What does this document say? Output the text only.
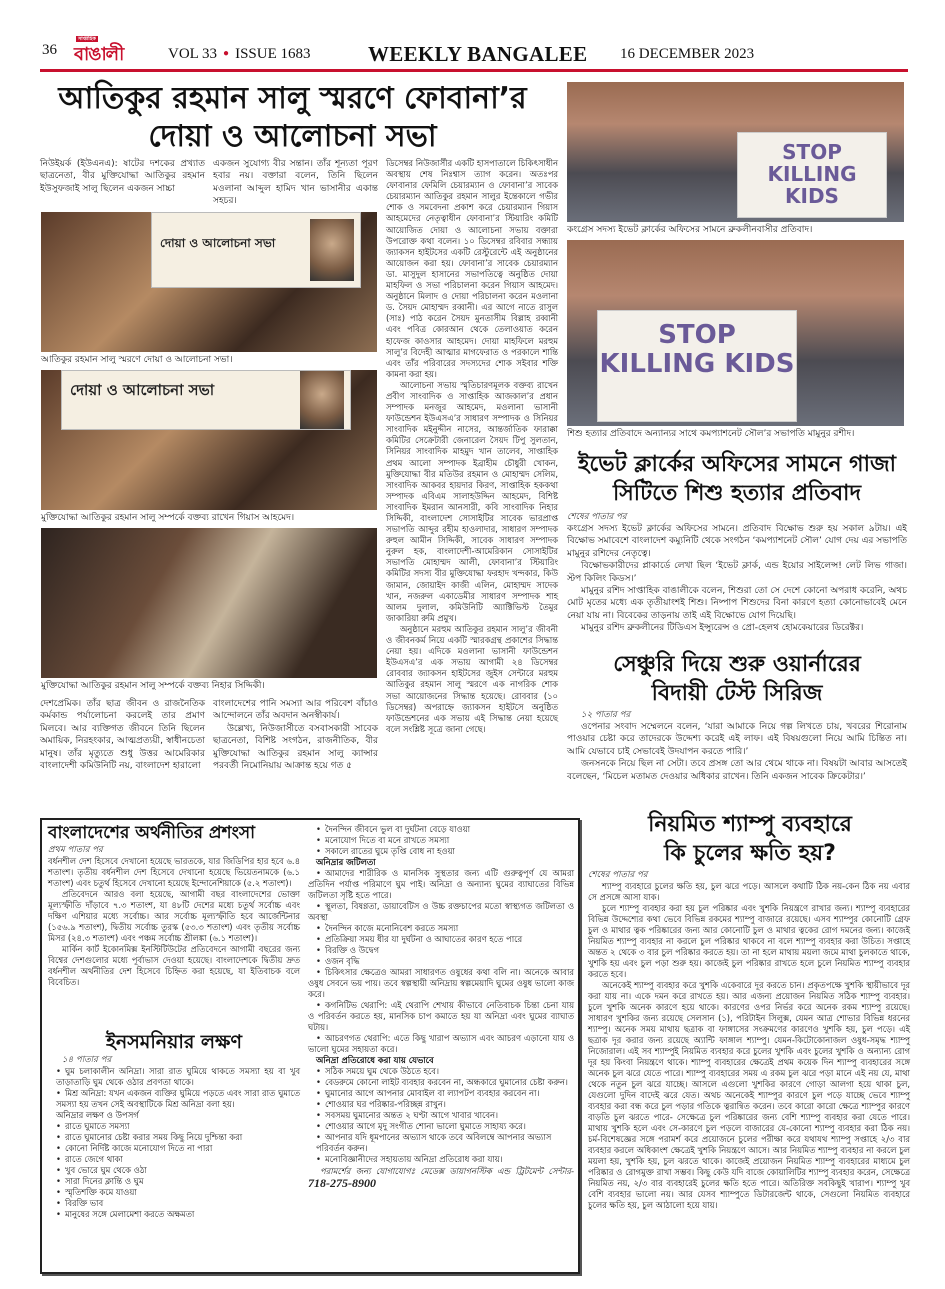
36
সাপ্তাহিক
বাঙালী	VOL 33 ● ISSUE 1683	WEEKLY BANGALEE 16 DECEMBER 2023
আতিকুর রহমান সালু স্মরণে ফোবানা’র
দোয়া ও আলোচনা সভা
নিউইয়র্ক (ইউএনএ): ষাটের দশকের প্রখ্যাত ছাত্রনেতা, বীর মুক্তিযোদ্ধা আতিকুর রহমান ইউসুফজাই সালু ছিলেন একজন সাচ্চা
একজন সুযোগ্য বীর সন্তান। তাঁর শূন্যতা পূরণ হবার নয়। বক্তারা বলেন, তিনি ছিলেন মওলানা আব্দুল হামিদ খান ভাসানীর একান্ত সহচর।
দোয়া ও আলোচনা সভা
আতিকুর রহমান সালু স্মরণে দোয়া ও আলোচনা সভা।
দোয়া ও আলোচনা সভা
মুক্তিযোদ্ধা আতিকুর রহমান সালু সম্পর্কে বক্তব্য রাখেন গিয়াস আহমেদ।
মুক্তিযোদ্ধা আতিকুর রহমান সালু সম্পর্কে বক্তব্য নিহার সিদ্দিকী।

ডিসেম্বর নিউজার্সীর একটি হাসপাতালে চিকিৎসাধীন অবস্থায় শেষ নিঃশ্বাস ত্যাগ করেন। অতঃপর ফোবানার ফেমিলি চেয়ারম্যান ও ফোবানা’র সাবেক চেয়ারম্যান আতিকুর রহমান সালুর ইন্তেকালে গভীর শোক ও সমবেদনা প্রকাশ করে চেয়ারম্যান গিয়াস আহমেদের নেতৃত্বাধীন ফোবানা’র স্টিয়ারিং কমিটি আয়োজিত দোয়া ও আলোচনা সভায় বক্তারা উপরোক্ত কথা বলেন। ১০ ডিসেম্বর রবিবার সন্ধ্যায় জ্যাকসন হাইটসের একটি রেস্টুরেন্টে এই অনুষ্ঠানের আয়োজন করা হয়। ফোবানা’র সাবেক চেয়ারম্যান ডা. মাসুদুল হাসানের সভাপতিত্বে অনুষ্ঠিত দোয়া মাহফিল ও সভা পরিচালনা করেন গিয়াস আহমেদ। অনুষ্ঠানে মিলাদ ও দোয়া পরিচালনা করেন মওলানা ড. সৈয়দ মোহাম্মদ রব্বানী। এর আগে নাতে রাসুল (সাঃ) পাঠ করেন সৈয়দ মুনতাসীম বিল্লাহ রব্বানী এবং পবিত্র কোরআন থেকে তেলাওয়াত করেন হাফেজ কাওসার আহমেদ। দোয়া মাহফিলে মরহুম সালু’র বিদেহী আত্মার মাগফেরাত ও পরকালে শান্তি এবং তাঁর পরিবারের সদস্যদের শোক সইবার শক্তি কামনা করা হয়।

আলোচনা সভায় স্মৃতিচারণমূলক বক্তব্য রাখেন প্রবীণ সাংবাদিক ও সাপ্তাহিক আজকাল’র প্রধান সম্পাদক মনজুর আহমেদ, মওলানা ভাসানী ফাউন্ডেশন ইউএসএ’র সাধারণ সম্পাদক ও সিনিয়র সাংবাদিক মইনুদ্দীন নাসের, আন্তর্জাতিক ফারাক্কা কমিটির সেক্রেটারী জেনারেল সৈয়দ টিপু সুলতান, সিনিয়র সাংবাদিক মাহমুদ খান তালেব, সাপ্তাহিক প্রথম আলো সম্পাদক ইব্রাহীম চৌধুরী খোকন, মুক্তিযোদ্ধা বীর মতিউর রহমান ও মোহাম্মদ সেলিম, সাংবাদিক আকবর হায়দার কিরণ, সাপ্তাহিক হককথা সম্পাদক এবিএম সালাহউদ্দিন আহমেদ, বিশিষ্ট সাংবাদিক ইমরান আনসারী, কবি সাংবাদিক নিহার সিদ্দিকী, বাংলাদেশ সোসাইটির সাবেক ভারপ্রাপ্ত সভাপতি আব্দুর রহীম হাওলাদার, সাধারণ সম্পাদক রুহুল আমীন সিদ্দিকী, সাবেক সাধারণ সম্পাদক নুরুল হক, বাংলাদেশী-আমেরিকান সোসাইটির সভাপতি মোহাম্মদ আলী, ফোবানা’র স্টিয়ারিং কমিটির সদস্য বীর মুক্তিযোদ্ধা ফরহাদ খন্দকার, কিউ জামান, জোয়াইদ কাজী এলিন, মোহাম্মদ সাদেক খান, নজরুল একাডেমীর সাধারণ সম্পাদক শাহ আলম দুলাল, কমিউনিটি অ্যাক্টিভিস্ট তৈমুর জাকারিয়া রুমি প্রমুখ।

অনুষ্ঠানে মরহুম আতিকুর রহমান সালু’র জীবনী ও জীবনকর্ম নিয়ে একটি স্মারকগ্রন্থ প্রকাশের সিদ্ধান্ত নেয়া হয়। এদিকে মওলানা ভাসানী ফাউন্ডেশন ইউএসএ’র এক সভায় আগামী ২৪ ডিসেম্বর রোববার জ্যাকসন হাইটসের জুইস সেন্টারে মরহুম আতিকুর রহমান সালু স্মরণে এক নাগরিক শোক সভা আয়োজনের সিদ্ধান্ত হয়েছে। রোববার (১০ ডিসেম্বর) অপরাহ্নে জ্যাকসন হাইটসে অনুষ্ঠিত ফাউন্ডেশনের এক সভায় এই সিদ্ধান্ত নেয়া হয়েছে বলে সংশ্লিষ্ট সূত্রে জানা গেছে।

দেশপ্রেমিক। তাঁর ছাত্র জীবন ও রাজনৈতিক কর্মকান্ড পর্যালোচনা করলেই তার প্রমাণ মিলবে। আর ব্যক্তিগত জীবনে তিনি ছিলেন অমায়িক, নিরহংকার, আত্মপ্রত্যয়ী, স্বাধীনচেতা মানুষ। তাঁর মৃত্যুতে শুধু উত্তর আমেরিকার বাংলাদেশী কমিউনিটি নয়, বাংলাদেশ হারালো

বাংলাদেশের পানি সমস্যা আর পরিবেশ বাঁচাও আন্দোলনে তাঁর অবদান অনস্বীকার্য।

উল্লেখ্য, নিউজার্সীতে বসবাসকারী সাবেক ছাত্রনেতা, বিশিষ্ট সংগঠন, রাজনীতিক, বীর মুক্তিযোদ্ধা আতিকুর রহমান সালু ক্যান্সার পরবর্তী নিমোনিয়ায় আক্রান্ত হয়ে গত ৫

STOP KILLING KIDS
কংগ্রেস সদস্য ইভেট ক্লার্কের অফিসের সামনে ব্রুকলীনবাসীর প্রতিবাদ।
STOP KILLING KIDS
শিশু হত্যার প্রতিবাদে অন্যান্যর সাথে কমপ্যাশনেট সৌল’র সভাপতি মামুনুর রশীদ।
ইভেট ক্লার্কের অফিসের সামনে গাজা
সিটিতে শিশু হত্যার প্রতিবাদ
শেষের পাতার পর

কংগ্রেস সদস্য ইভেট ক্লার্কের অফিসের সামনে। প্রতিবাদ বিক্ষোভ শুরু হয় সকাল ৯টায়। এই বিক্ষোভ সমাবেশে বাংলাদেশ কম্যুনিটি থেকে সংগঠন ‘কমপ্যাশনেট সৌল’ যোগ দেয় এর সভাপতি মামুনুর রশিদের নেতৃত্বে।

বিক্ষোভকারীদের প্লাকার্ডে লেখা ছিল ‘ইভেট ক্লার্ক, এন্ড ইয়োর সাইলেন্স! লেট লিভ গাজা। স্টপ কিলিং কিডস।’

মামুনুর রশিদ সাপ্তাহিক বাঙালীকে বলেন, শিশুরা তো সে দেশে কোনো অপরাধ করেনি, অথচ মোট মৃতের মধ্যে এক তৃতীয়াংশই শিশু। নিষ্পাপ শিশুদের বিনা কারণে হত্যা কোনোভাবেই মেনে নেয়া যায় না। বিবেকের তাড়নায় তাই এই বিক্ষোভে যোগ দিয়েছি।

মামুনুর রশিদ ব্রুকলীনের টিডিএস ইন্স্যুরেন্স ও প্রো-হেলথ হোমকেয়ারের ডিরেক্টর।

সেঞ্চুরি দিয়ে শুরু ওয়ার্নারের
বিদায়ী টেস্ট সিরিজ
১২ পাতার পর

ওপেনার সংবাদ সম্মেলনে বলেন, ‘যারা আমাকে নিয়ে গল্প লিখতে চায়, খবরের শিরোনাম পাওয়ার চেষ্টা করে তাদেরকে উদ্দেশ্য করেই এই লাফ। এই বিষয়গুলো নিয়ে আমি চিন্তিত না। আমি যেভাবে চাই সেভাবেই উদযাপন করতে পারি।’

জনসনকে নিয়ে ছিল না সেটা। তবে প্রসঙ্গ তো আর থেমে থাকে না। বিষয়টা আবার আসতেই বলেছেন, ‘মিচেল মতামত দেওয়ার অধিকার রাখেন। তিনি একজন সাবেক ক্রিকেটার।’

বাংলাদেশের অর্থনীতির প্রশংসা
প্রথম পাতার পর

বর্ধনশীল দেশ হিসেবে দেখানো হয়েছে ভারতকে, যার জিডিপির হার হবে ৬.৪ শতাংশ। তৃতীয় বর্ধনশীল দেশ হিসেবে দেখানো হয়েছে ভিয়েতনামকে (৬.১ শতাংশ) এবং চতুর্থ হিসেবে দেখানো হয়েছে ইন্দোনেশিয়াকে (৫.২ শতাংশ)।

প্রতিবেদনে আরও বলা হয়েছে, আগামী বছর বাংলাদেশের ভোক্তা মূল্যস্ফীতি দাঁড়াবে ৭.৩ শতাংশ, যা ৪৮টি দেশের মধ্যে চতুর্থ সর্বোচ্চ এবং দক্ষিণ এশিয়ার মধ্যে সর্বোচ্চ। আর সর্বোচ্চ মূল্যস্ফীতি হবে আর্জেন্টিনার (১৫৬.৯ শতাংশ), দ্বিতীয় সর্বোচ্চ তুরস্ক (৫৩.৩ শতাংশ) এবং তৃতীয় সর্বোচ্চ মিসর (২৪.৩ শতাংশ) এবং পঞ্চম সর্বোচ্চ শ্রীলঙ্কা (৬.১ শতাংশ)।

মার্কিন কার্ট ইকোনমিক্স ইনস্টিটিউটের প্রতিবেদনে আগামী বছরের জন্য বিশ্বের দেশগুলোর মধ্যে পূর্বাভাস দেওয়া হয়েছে। বাংলাদেশকে দ্বিতীয় দ্রুত বর্ধনশীল অর্থনীতির দেশ হিসেবে চিহ্নিত করা হয়েছে, যা ইতিবাচক বলে বিবেচিত।

ইনসমনিয়ার লক্ষণ
১৪ পাতার পর

• ঘুম চলাকালীন অনিদ্রা। সারা রাত ঘুমিয়ে থাকতে সমস্যা হয় বা খুব তাড়াতাড়ি ঘুম থেকে ওঠার প্রবণতা থাকে।

• মিশ্র অনিদ্রা: যখন একজন ব্যক্তির ঘুমিয়ে পড়তে এবং সারা রাত ঘুমাতে সমস্যা হয় তখন সেই অবস্থাটিকে মিশ্র অনিদ্রা বলা হয়।

অনিদ্রার লক্ষণ ও উপসর্গ
• রাতে ঘুমাতে সমস্যা
• রাতে ঘুমানোর চেষ্টা করার সময় কিছু নিয়ে দুশ্চিন্তা করা
• কোনো নির্দিষ্ট কাজে মনোযোগ দিতে না পারা
• রাতে জেগে থাকা
• খুব ভোরে ঘুম থেকে ওঠা
• সারা দিনের ক্লান্তি ও ঘুম
• স্মৃতিশক্তি কমে যাওয়া
• বিরক্তি ভাব
• মানুষের সঙ্গে মেলামেশা করতে অক্ষমতা
• দৈনন্দিন জীবনে ভুল বা দুর্ঘটনা বেড়ে যাওয়া
• মনোযোগ দিতে বা মনে রাখতে সমস্যা
• সকালে রাতের ঘুমে তৃপ্তি বোধ না হওয়া
অনিদ্রার জটিলতা

• আমাদের শারীরিক ও মানসিক সুস্থতার জন্য এটি গুরুত্বপূর্ণ যে আমরা প্রতিদিন পর্যাপ্ত পরিমাণে ঘুম পাই। অনিদ্রা ও অন্যান্য ঘুমের ব্যাঘাতের বিভিন্ন জটিলতা সৃষ্টি হতে পারে।

• স্থূলতা, বিষণ্ণতা, ডায়াবেটিস ও উচ্চ রক্তচাপের মতো স্বাস্থ্যগত জটিলতা ও অবস্থা

• দৈনন্দিন কাজে মনোনিবেশ করতে সমস্যা
• প্রতিক্রিয়া সময় ধীর যা দুর্ঘটনা ও আঘাতের কারণ হতে পারে
• বিরক্তি ও উদ্বেগ
• ওজন বৃদ্ধি

• চিকিৎসার ক্ষেত্রেও আমরা সাধারণত ওষুধের কথা বলি না। অনেকে আবার ওষুধ সেবনে ভয় পায়। তবে স্বল্পস্থায়ী অনিদ্রায় স্বল্পমেয়াদি ঘুমের ওষুধ ভালো কাজ করে।

• কগনিটিভ থেরাপি: এই থেরাপি শেখায় কীভাবে নেতিবাচক চিন্তা চেনা যায় ও পরিবর্তন করতে হয়, মানসিক চাপ কমাতে হয় যা অনিদ্রা এবং ঘুমের ব্যাঘাত ঘটায়।

• আচরণগত থেরাপি: এতে কিছু খারাপ অভ্যাস এবং আচরণ এড়ানো যায় ও ভালো ঘুমের সহায়তা করে।

অনিদ্রা প্রতিরোধে করা যায় যেভাবে
• সঠিক সময়ে ঘুম থেকে উঠতে হবে।
• বেডরুমে কোনো লাইট ব্যবহার করবেন না, অন্ধকারে ঘুমানোর চেষ্টা করুন।
• ঘুমানোর আগে আপনার মোবাইল বা ল্যাপটপ ব্যবহার করবেন না।
• শোওয়ার ঘর পরিষ্কার-পরিচ্ছন্ন রাখুন।
• সবসময় ঘুমানোর অন্তত ২ ঘণ্টা আগে খাবার খাবেন।
• শোওয়ার আগে মৃদু সংগীত শোনা ভালো ঘুমাতে সাহায্য করে।
• আপনার যদি ধূমপানের অভ্যাস থাকে তবে অবিলম্বে আপনার অভ্যাস পরিবর্তন করুন।
• মনোবিজ্ঞানীদের সহায়তায় অনিদ্রা প্রতিরোধ করা যায়।
পরামর্শের জন্য যোগাযোগঃ মেডেক্স ডায়াগনস্টিক এন্ড ট্রিটমেন্ট সেন্টার- 718-275-8900
নিয়মিত শ্যাম্পু ব্যবহারে
কি চুলের ক্ষতি হয়?
শেষের পাতার পর

শ্যাম্পু ব্যবহারে চুলের ক্ষতি হয়, চুল ঝরে পড়ে। আসলে কথাটি ঠিক নয়-কেন ঠিক নয় এবার সে প্রসঙ্গে আসা যাক।

চুলে শ্যাম্পু ব্যবহার করা হয় চুল পরিষ্কার এবং খুশকি নিয়ন্ত্রণে রাখার জন্য। শ্যাম্পু ব্যবহারের বিভিন্ন উদ্দেশ্যের কথা ভেবে বিভিন্ন রকমের শ্যাম্পু বাজারে রয়েছে। এসব শ্যাম্পুর কোনোটি গ্রেফ চুল ও মাথার ত্বক পরিষ্কারের জন্য আর কোনোটি চুল ও মাথার ত্বকের রোগ দমনের জন্য। কাজেই নিয়মিত শ্যাম্পু ব্যবহার না করলে চুল পরিষ্কার থাকবে না বলে শ্যাম্পু ব্যবহার করা উচিত। সপ্তাহে অন্তত ২ থেকে ৩ বার চুল পরিষ্কার করতে হয়। তা না হলে মাথায় ময়লা জমে মাথা চুলকাতে থাকে, খুশকি হয় এবং চুল পড়া শুরু হয়। কাজেই চুল পরিষ্কার রাখতে হলে চুলে নিয়মিত শ্যাম্পু ব্যবহার করতে হবে।

অনেকেই শ্যাম্পু ব্যবহার করে খুশকি একেবারে দূর করতে চান। প্রকৃতপক্ষে খুশকি স্থায়ীভাবে দূর করা যায় না। একে দমন করে রাখতে হয়। আর এজন্য প্রয়োজন নিয়মিত সঠিক শ্যাম্পু ব্যবহার। চুলে খুশকি অনেক কারণে হয়ে থাকে। কারণের ওপর নির্ভর করে অনেক রকম শ্যাম্পু রয়েছে। সাধারণ খুশকির জন্য রয়েছে সেলসান (১), পরিটাইন সিলুক্স, যেমন আত্র শোভার বিভিন্ন ধরনের শ্যাম্পু। অনেক সময় মাথায় ছত্রাক বা ফাঙ্গাসের সংক্রমণের কারণেও খুশকি হয়, চুল পড়ে। এই ছত্রাক দূর করার জন্য রয়েছে অ্যান্টি ফাঙ্গাল শ্যাম্পু। যেমন-কিটোকোনাজল ওষুধ-সমৃদ্ধ শ্যাম্পু নিজোরাল। এই সব শ্যাম্পুই নিয়মিত ব্যবহার করে চুলের খুশকি এবং চুলের খুশকি ও অন্যান্য রোগ দূর হয় কিংবা নিয়ন্ত্রণে থাকে। শ্যাম্পু ব্যবহারের ক্ষেত্রেই প্রথম কয়েক দিন শ্যাম্পু ব্যবহারের সঙ্গে অনেক চুল ঝরে যেতে পারে। শ্যাম্পু ব্যবহারের সময় এ রকম চুল ঝরে পড়া মানে এই নয় যে, মাথা থেকে নতুন চুল ঝরে যাচ্ছে। আসলে এগুলো খুশকির কারণে গোড়া আলগা হয়ে থাকা চুল, যেগুলো দুদিন বাদেই ঝরে যেত। অথচ অনেকেই শ্যাম্পুর কারণে চুল পড়ে যাচ্ছে ভেবে শ্যাম্পু ব্যবহার করা বন্ধ করে চুল পড়ার গতিকে ত্বরান্বিত করেন। তবে কারো কারো ক্ষেত্রে শ্যাম্পুর কারণে বাড়তি চুল ঝরতে পারে- সেক্ষেত্রে চুল পরিষ্কারের জন্য বেশি শ্যাম্পু ব্যবহার করা যেতে পারে। মাথায় খুশকি হলে এবং সে-কারণে চুল পড়লে বাজারের যে-কোনো শ্যাম্পু ব্যবহার করা ঠিক নয়। চর্ম-বিশেষজ্ঞের সঙ্গে পরামর্শ করে প্রয়োজনে চুলের পরীক্ষা করে যথাযথ শ্যাম্পু সপ্তাহে ২/৩ বার ব্যবহার করলে অধিকাংশ ক্ষেত্রেই খুশকি নিয়ন্ত্রণে আসে। আর নিয়মিত শ্যাম্পু ব্যবহার না করলে চুল ময়লা হয়, খুশকি হয়, চুল ঝরতে থাকে। কাজেই প্রয়োজন নিয়মিত শ্যাম্পু ব্যবহারের মাধ্যমে চুল পরিষ্কার ও রোগমুক্ত রাখা সম্ভব। কিছু কেউ যদি বাজে কোয়ালিটির শ্যাম্পু ব্যবহার করেন, সেক্ষেত্রে নিয়মিত নয়, ২/৩ বার ব্যবহারেই চুলের ক্ষতি হতে পারে। অতিরিক্ত সবকিছুই খারাপ। শ্যাম্পু খুব বেশি ব্যবহার ভালো নয়। আর যেসব শ্যাম্পুতে ডিটারজেন্ট থাকে, সেগুলো নিয়মিত ব্যবহারে চুলের ক্ষতি হয়, চুল আঠালো হয়ে যায়।
